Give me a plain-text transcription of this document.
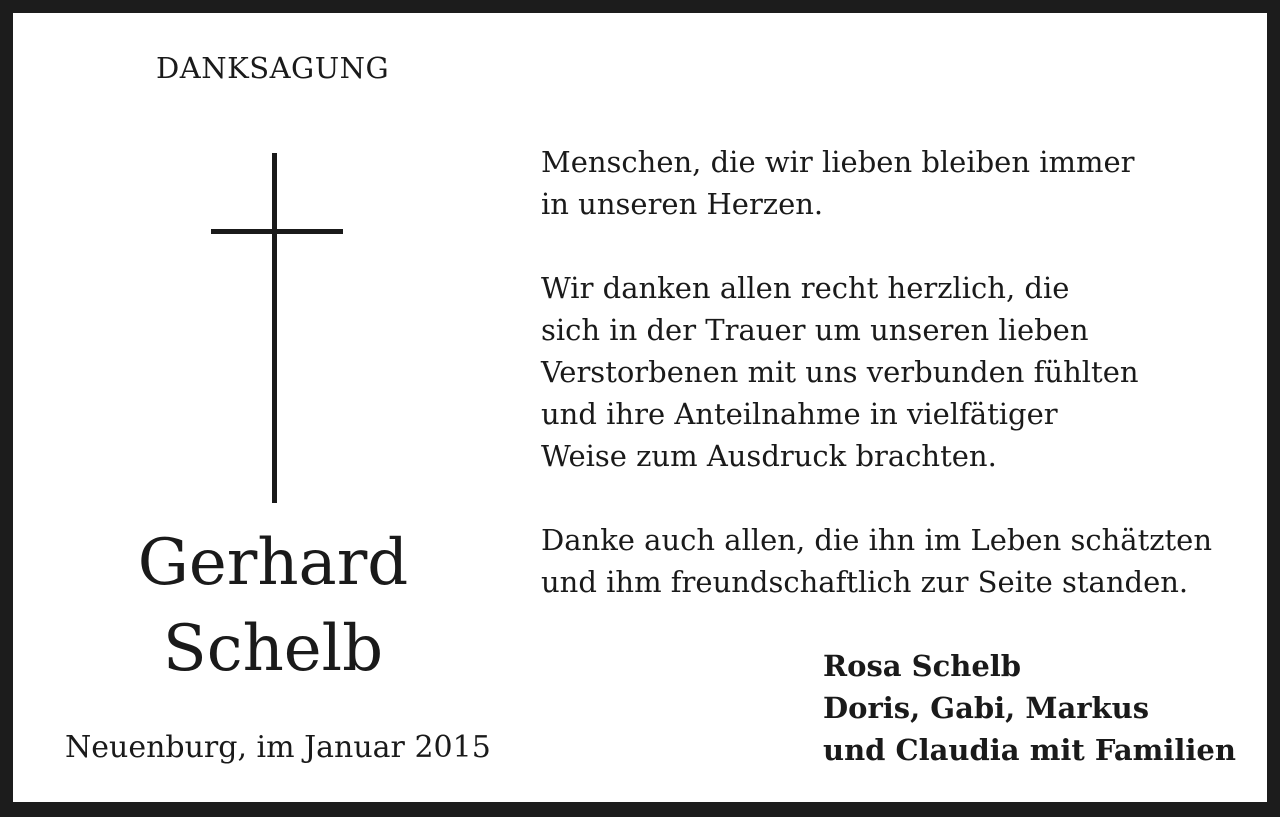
DANKSAGUNG
Gerhard
Schelb
Neuenburg, im Januar 2015

Menschen, die wir lieben bleiben immer
in unseren Herzen.

Wir danken allen recht herzlich, die
sich in der Trauer um unseren lieben
Verstorbenen mit uns verbunden fühlten
und ihre Anteilnahme in vielfätiger
Weise zum Ausdruck brachten.

Danke auch allen, die ihn im Leben schätzten
und ihm freundschaftlich zur Seite standen.

Rosa Schelb
Doris, Gabi, Markus
und Claudia mit Familien
